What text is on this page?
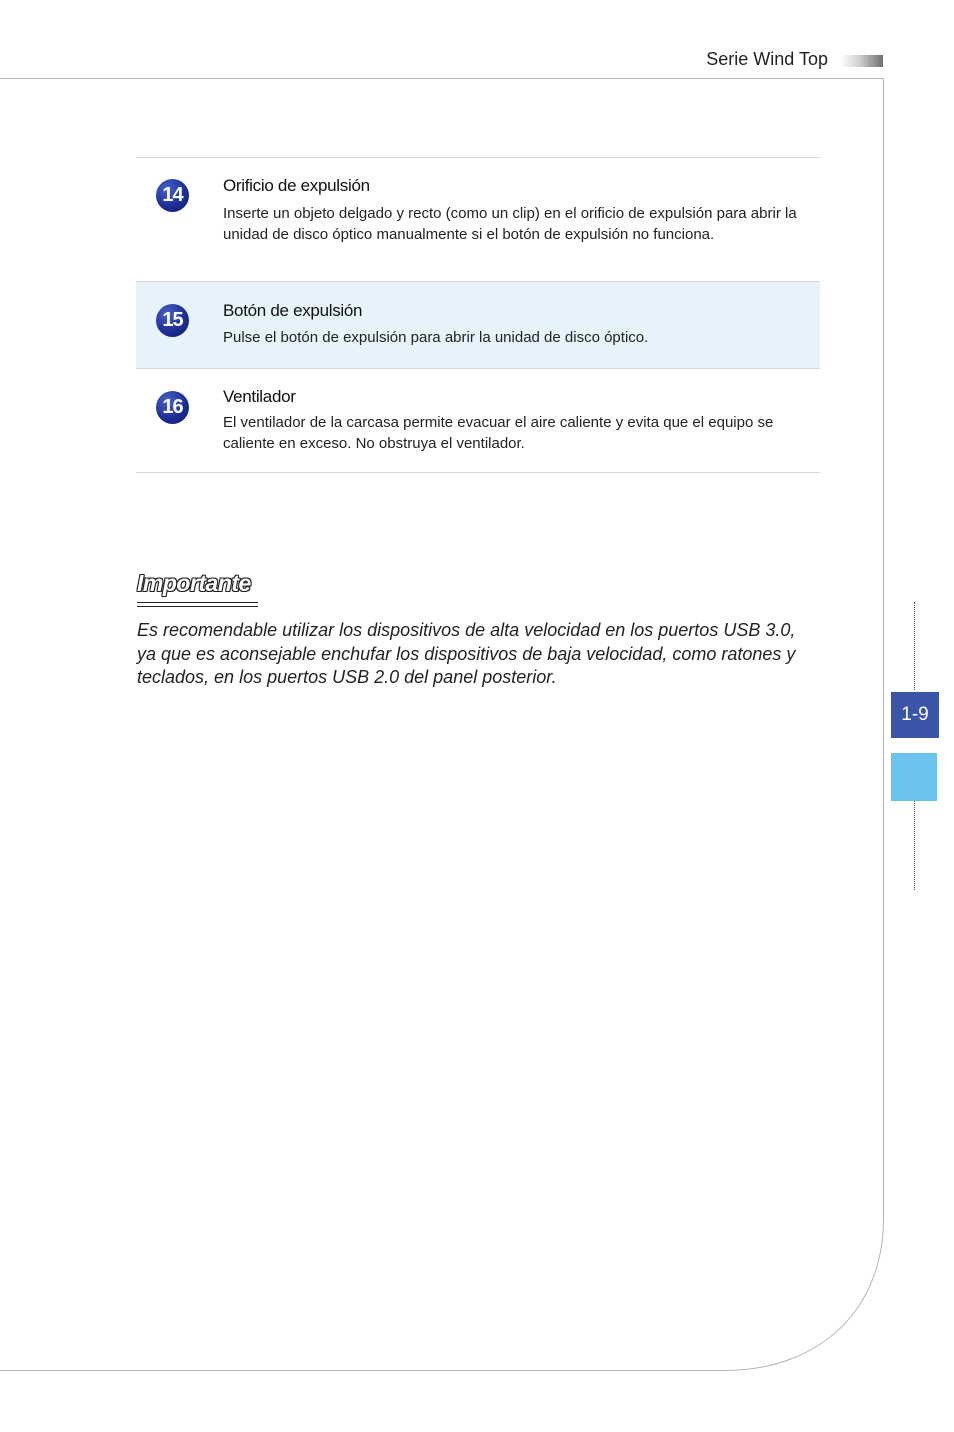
Serie Wind Top
14	Orificio de expulsión

Inserte un objeto delgado y recto (como un clip) en el orificio de expulsión para abrir la unidad de disco óptico manualmente si el botón de expulsión no funciona.

15	Botón de expulsión

Pulse el botón de expulsión para abrir la unidad de disco óptico.

16	Ventilador

El ventilador de la carcasa permite evacuar el aire caliente y evita que el equipo se caliente en exceso. No obstruya el ventilador.

Importante

Es recomendable utilizar los dispositivos de alta velocidad en los puertos USB 3.0, ya que es aconsejable enchufar los dispositivos de baja velocidad, como ratones y teclados, en los puertos USB 2.0 del panel posterior.

1-9
